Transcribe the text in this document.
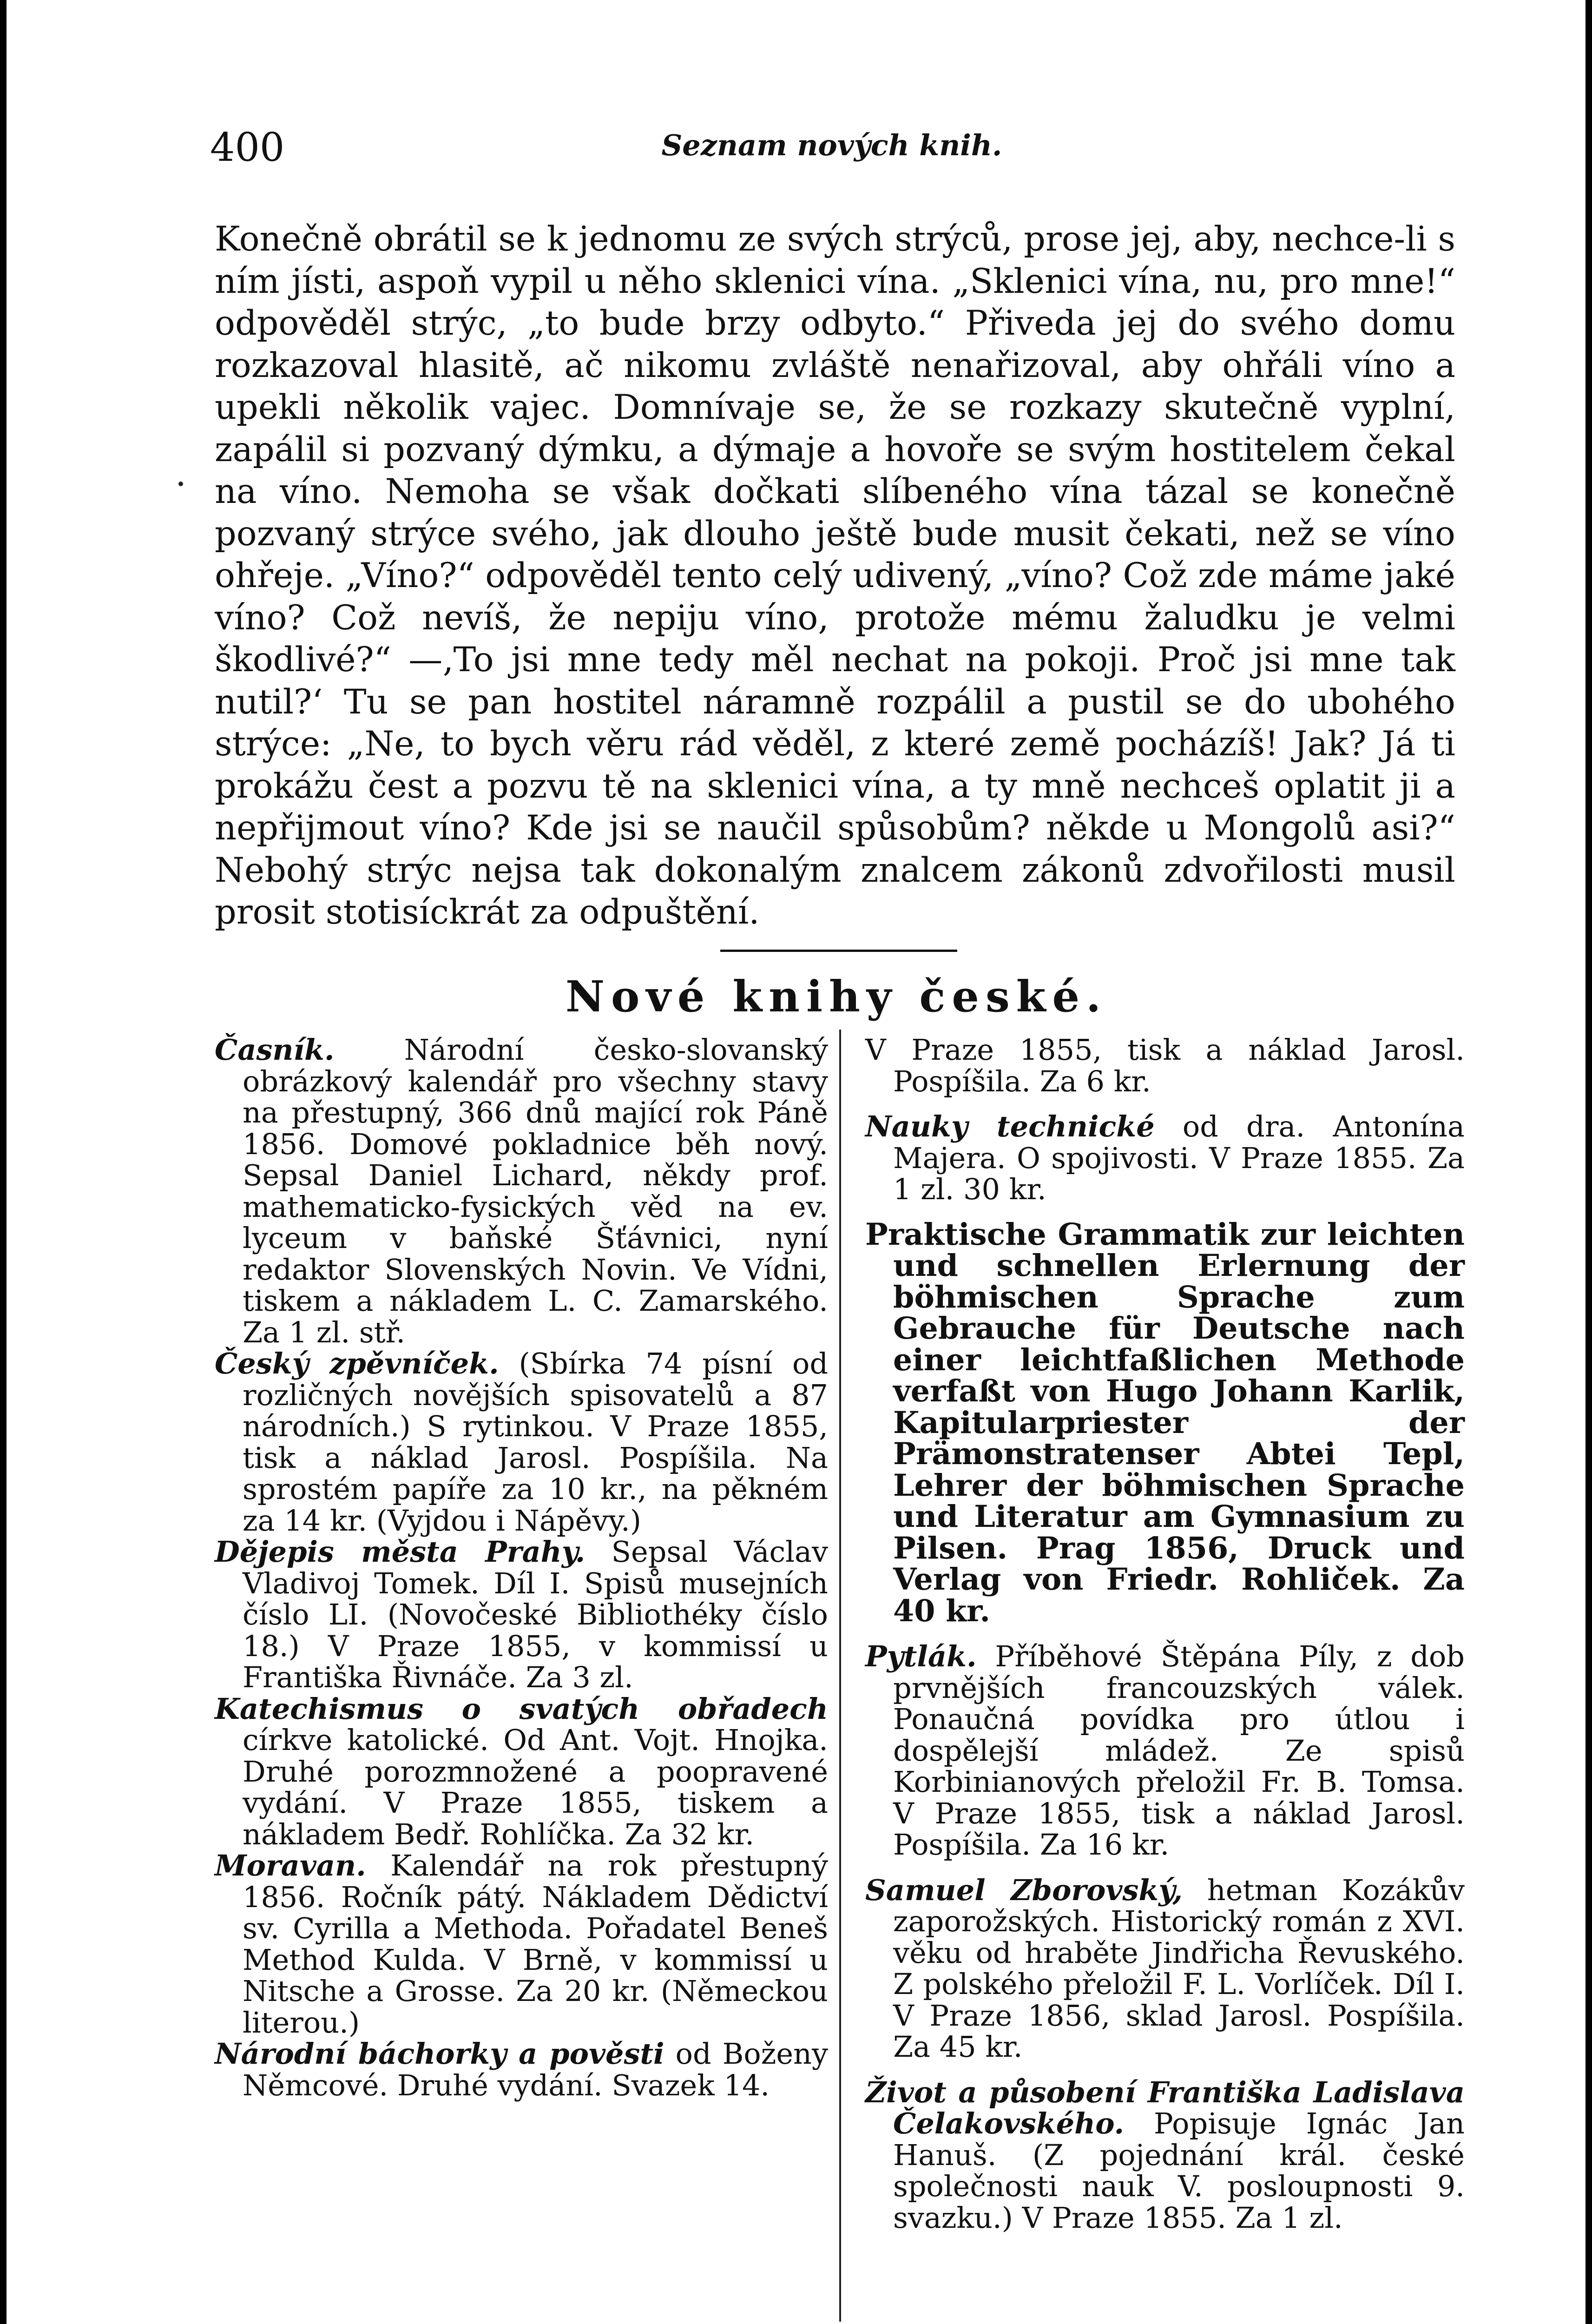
400	Seznam nových knih.

Konečně obrátil se k jednomu ze svých strýců, prose jej, aby, nechce-li s ním jísti, aspoň vypil u něho sklenici vína. „Sklenici vína, nu, pro mne!“ odpověděl strýc, „to bude brzy odbyto.“ Přiveda jej do svého domu rozkazoval hlasitě, ač nikomu zvláště nenařizoval, aby ohřáli víno a upekli několik vajec. Domnívaje se, že se rozkazy skutečně vyplní, zapálil si pozvaný dýmku, a dýmaje a hovoře se svým hostitelem čekal na víno. Nemoha se však dočkati slíbeného vína tázal se konečně pozvaný strýce svého, jak dlouho ještě bude musit čekati, než se víno ohřeje. „Víno?“ odpověděl tento celý udivený, „víno? Což zde máme jaké víno? Což nevíš, že nepiju víno, protože mému žaludku je velmi škodlivé?“ —‚To jsi mne tedy měl nechat na pokoji. Proč jsi mne tak nutil?‘ Tu se pan hostitel náramně rozpálil a pustil se do ubohého strýce: „Ne, to bych věru rád věděl, z které země pocházíš! Jak? Já ti prokážu čest a pozvu tě na sklenici vína, a ty mně nechceš oplatit ji a nepřijmout víno? Kde jsi se naučil spůsobům? někde u Mongolů asi?“ Nebohý strýc nejsa tak dokonalým znalcem zákonů zdvořilosti musil prosit stotisíckrát za odpuštění.

Nové knihy české.

Časník. Národní česko-slovanský obrázkový kalendář pro všechny stavy na přestupný, 366 dnů mající rok Páně 1856. Domové pokladnice běh nový. Sepsal Daniel Lichard, někdy prof. mathematicko-fysických věd na ev. lyceum v baňské Šťávnici, nyní redaktor Slovenských Novin. Ve Vídni, tiskem a nákladem L. C. Zamarského. Za 1 zl. stř.

Český zpěvníček. (Sbírka 74 písní od rozličných novějších spisovatelů a 87 národních.) S rytinkou. V Praze 1855, tisk a náklad Jarosl. Pospíšila. Na sprostém papíře za 10 kr., na pěkném za 14 kr. (Vyjdou i Nápěvy.)

Dějepis města Prahy. Sepsal Václav Vladivoj Tomek. Díl I. Spisů musejních číslo LI. (Novočeské Bibliothéky číslo 18.) V Praze 1855, v kommissí u Františka Řivnáče. Za 3 zl.

Katechismus o svatých obřadech církve katolické. Od Ant. Vojt. Hnojka. Druhé porozmnožené a poopravené vydání. V Praze 1855, tiskem a nákladem Bedř. Rohlíčka. Za 32 kr.

Moravan. Kalendář na rok přestupný 1856. Ročník pátý. Nákladem Dědictví sv. Cyrilla a Methoda. Pořadatel Beneš Method Kulda. V Brně, v kommissí u Nitsche a Grosse. Za 20 kr. (Německou literou.)

Národní báchorky a pověsti od Boženy Němcové. Druhé vydání. Svazek 14.

V Praze 1855, tisk a náklad Jarosl. Pospíšila. Za 6 kr.

Nauky technické od dra. Antonína Majera. O spojivosti. V Praze 1855. Za 1 zl. 30 kr.

Praktische Grammatik zur leichten und schnellen Erlernung der böhmischen Sprache zum Gebrauche für Deutsche nach einer leichtfaßlichen Methode verfaßt von Hugo Johann Karlik, Kapitularpriester der Prämonstratenser Abtei Tepl, Lehrer der böhmischen Sprache und Literatur am Gymnasium zu Pilsen. Prag 1856, Druck und Verlag von Friedr. Rohliček. Za 40 kr.

Pytlák. Příběhové Štěpána Píly, z dob prvnějších francouzských válek. Ponaučná povídka pro útlou i dospělejší mládež. Ze spisů Korbinianových přeložil Fr. B. Tomsa. V Praze 1855, tisk a náklad Jarosl. Pospíšila. Za 16 kr.

Samuel Zborovský, hetman Kozákův zaporožských. Historický román z XVI. věku od hraběte Jindřicha Řevuského. Z polského přeložil F. L. Vorlíček. Díl I. V Praze 1856, sklad Jarosl. Pospíšila. Za 45 kr.

Život a působení Františka Ladislava Čelakovského. Popisuje Ignác Jan Hanuš. (Z pojednání král. české společnosti nauk V. posloupnosti 9. svazku.) V Praze 1855. Za 1 zl.
